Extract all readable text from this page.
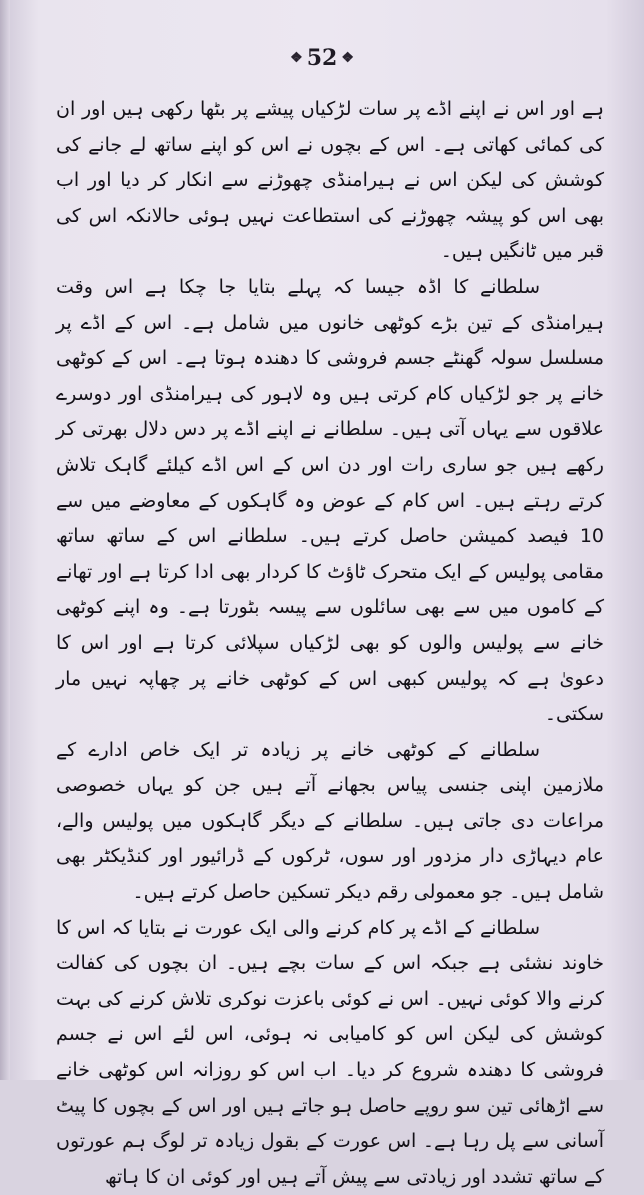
❖ 52 ❖

ہے اور اس نے اپنے اڈے پر سات لڑکیاں پیشے پر بٹھا رکھی ہیں اور ان کی کمائی کھاتی ہے۔ اس کے بچوں نے اس کو اپنے ساتھ لے جانے کی کوشش کی لیکن اس نے ہیرامنڈی چھوڑنے سے انکار کر دیا اور اب بھی اس کو پیشہ چھوڑنے کی استطاعت نہیں ہوئی حالانکہ اس کی قبر میں ٹانگیں ہیں۔

سلطانے کا اڈہ جیسا کہ پہلے بتایا جا چکا ہے اس وقت ہیرامنڈی کے تین بڑے کوٹھی خانوں میں شامل ہے۔ اس کے اڈے پر مسلسل سولہ گھنٹے جسم فروشی کا دھندہ ہوتا ہے۔ اس کے کوٹھی خانے پر جو لڑکیاں کام کرتی ہیں وہ لاہور کی ہیرامنڈی اور دوسرے علاقوں سے یہاں آتی ہیں۔ سلطانے نے اپنے اڈے پر دس دلال بھرتی کر رکھے ہیں جو ساری رات اور دن اس کے اس اڈے کیلئے گاہک تلاش کرتے رہتے ہیں۔ اس کام کے عوض وہ گاہکوں کے معاوضے میں سے 10 فیصد کمیشن حاصل کرتے ہیں۔ سلطانے اس کے ساتھ ساتھ مقامی پولیس کے ایک متحرک ٹاؤٹ کا کردار بھی ادا کرتا ہے اور تھانے کے کاموں میں سے بھی سائلوں سے پیسہ بٹورتا ہے۔ وہ اپنے کوٹھی خانے سے پولیس والوں کو بھی لڑکیاں سپلائی کرتا ہے اور اس کا دعویٰ ہے کہ پولیس کبھی اس کے کوٹھی خانے پر چھاپہ نہیں مار سکتی۔

سلطانے کے کوٹھی خانے پر زیادہ تر ایک خاص ادارے کے ملازمین اپنی جنسی پیاس بجھانے آتے ہیں جن کو یہاں خصوصی مراعات دی جاتی ہیں۔ سلطانے کے دیگر گاہکوں میں پولیس والے، عام دیہاڑی دار مزدور اور سوں، ٹرکوں کے ڈرائیور اور کنڈیکٹر بھی شامل ہیں۔ جو معمولی رقم دیکر تسکین حاصل کرتے ہیں۔

سلطانے کے اڈے پر کام کرنے والی ایک عورت نے بتایا کہ اس کا خاوند نشئی ہے جبکہ اس کے سات بچے ہیں۔ ان بچوں کی کفالت کرنے والا کوئی نہیں۔ اس نے کوئی باعزت نوکری تلاش کرنے کی بہت کوشش کی لیکن اس کو کامیابی نہ ہوئی، اس لئے اس نے جسم فروشی کا دھندہ شروع کر دیا۔ اب اس کو روزانہ اس کوٹھی خانے سے اڑھائی تین سو روپے حاصل ہو جاتے ہیں اور اس کے بچوں کا پیٹ آسانی سے پل رہا ہے۔ اس عورت کے بقول زیادہ تر لوگ ہم عورتوں کے ساتھ تشدد اور زیادتی سے پیش آتے ہیں اور کوئی ان کا ہاتھ
